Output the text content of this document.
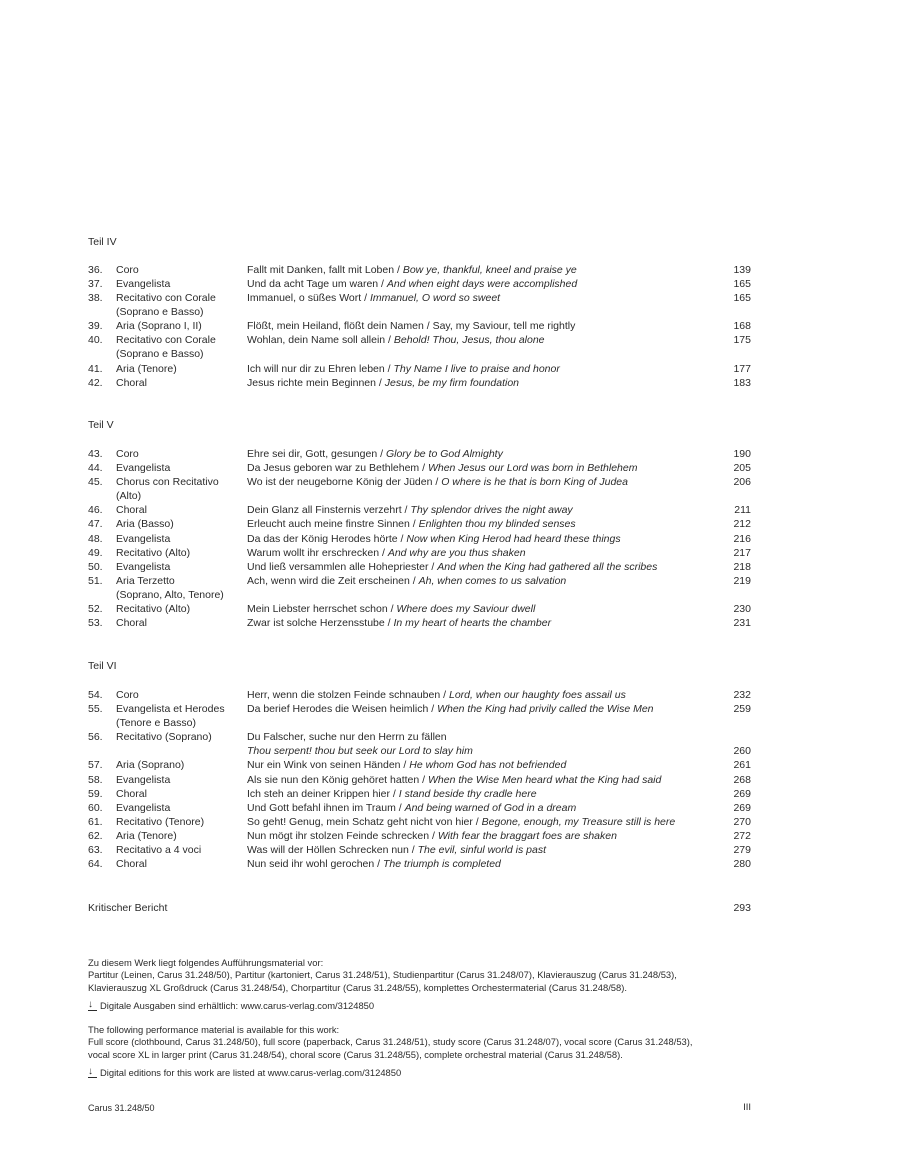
Teil IV
36.	Coro	Fallt mit Danken, fallt mit Loben / Bow ye, thankful, kneel and praise ye	139
37.	Evangelista	Und da acht Tage um waren / And when eight days were accomplished	165
38.	Recitativo con Corale
(Soprano e Basso)
Immanuel, o süßes Wort / Immanuel, O word so sweet	165
39.	Aria (Soprano I, II)	Flößt, mein Heiland, flößt dein Namen / Say, my Saviour, tell me rightly	168
40.	Recitativo con Corale
(Soprano e Basso)
Wohlan, dein Name soll allein / Behold! Thou, Jesus, thou alone	175
41.	Aria (Tenore)	Ich will nur dir zu Ehren leben / Thy Name I live to praise and honor	177
42.	Choral	Jesus richte mein Beginnen / Jesus, be my firm foundation	183
Teil V
43.	Coro	Ehre sei dir, Gott, gesungen / Glory be to God Almighty	190
44.	Evangelista	Da Jesus geboren war zu Bethlehem / When Jesus our Lord was born in Bethlehem	205
45.	Chorus con Recitativo
(Alto)
Wo ist der neugeborne König der Jüden / O where is he that is born King of Judea	206
46.	Choral	Dein Glanz all Finsternis verzehrt / Thy splendor drives the night away	211
47.	Aria (Basso)	Erleucht auch meine finstre Sinnen / Enlighten thou my blinded senses	212
48.	Evangelista	Da das der König Herodes hörte / Now when King Herod had heard these things	216
49.	Recitativo (Alto)	Warum wollt ihr erschrecken / And why are you thus shaken	217
50.	Evangelista	Und ließ versammlen alle Hohepriester / And when the King had gathered all the scribes	218
51.	Aria Terzetto
(Soprano, Alto, Tenore)
Ach, wenn wird die Zeit erscheinen / Ah, when comes to us salvation	219
52.	Recitativo (Alto)	Mein Liebster herrschet schon / Where does my Saviour dwell	230
53.	Choral	Zwar ist solche Herzensstube / In my heart of hearts the chamber	231
Teil VI
54.	Coro	Herr, wenn die stolzen Feinde schnauben / Lord, when our haughty foes assail us	232
55.	Evangelista et Herodes
(Tenore e Basso)
Da berief Herodes die Weisen heimlich / When the King had privily called the Wise Men	259
56.	Recitativo (Soprano)	Du Falscher, suche nur den Herrn zu fällen
Thou serpent! thou but seek our Lord to slay him	260
57.	Aria (Soprano)	Nur ein Wink von seinen Händen / He whom God has not befriended	261
58.	Evangelista	Als sie nun den König gehöret hatten / When the Wise Men heard what the King had said	268
59.	Choral	Ich steh an deiner Krippen hier / I stand beside thy cradle here	269
60.	Evangelista	Und Gott befahl ihnen im Traum / And being warned of God in a dream	269
61.	Recitativo (Tenore)	So geht! Genug, mein Schatz geht nicht von hier / Begone, enough, my Treasure still is here	270
62.	Aria (Tenore)	Nun mögt ihr stolzen Feinde schrecken / With fear the braggart foes are shaken	272
63.	Recitativo a 4 voci	Was will der Höllen Schrecken nun / The evil, sinful world is past	279
64.	Choral	Nun seid ihr wohl gerochen / The triumph is completed	280
Kritischer Bericht	293

Zu diesem Werk liegt folgendes Aufführungsmaterial vor:

Partitur (Leinen, Carus 31.248/50), Partitur (kartoniert, Carus 31.248/51), Studienpartitur (Carus 31.248/07), Klavierauszug (Carus 31.248/53),

Klavierauszug XL Großdruck (Carus 31.248/54), Chorpartitur (Carus 31.248/55), komplettes Orchestermaterial (Carus 31.248/58).

↓
Digitale Ausgaben sind erhältlich: www.carus-verlag.com/3124850

The following performance material is available for this work:

Full score (clothbound, Carus 31.248/50), full score (paperback, Carus 31.248/51), study score (Carus 31.248/07), vocal score (Carus 31.248/53),

vocal score XL in larger print (Carus 31.248/54), choral score (Carus 31.248/55), complete orchestral material (Carus 31.248/58).

↓
Digital editions for this work are listed at www.carus-verlag.com/3124850

Carus 31.248/50	III
